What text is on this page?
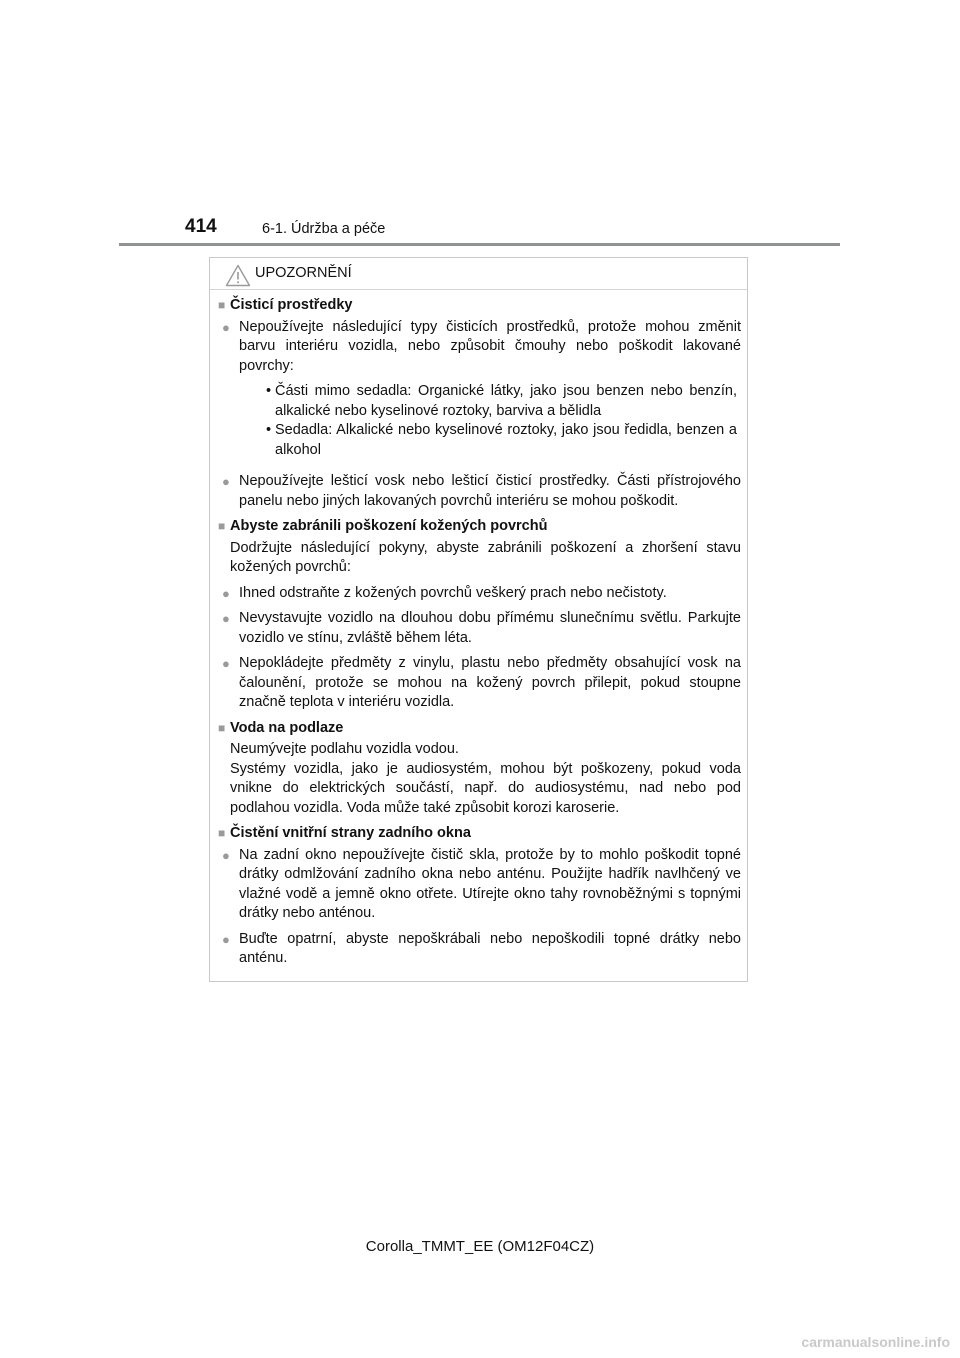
414	6-1. Údržba a péče
UPOZORNĚNÍ
■ Čisticí prostředky
● Nepoužívejte následující typy čisticích prostředků, protože mohou změnit barvu interiéru vozidla, nebo způsobit čmouhy nebo poškodit lakované povrchy:
• Části mimo sedadla: Organické látky, jako jsou benzen nebo benzín, alkalické nebo kyselinové roztoky, barviva a bělidla
• Sedadla: Alkalické nebo kyselinové roztoky, jako jsou ředidla, benzen a alkohol
● Nepoužívejte lešticí vosk nebo lešticí čisticí prostředky. Části přístrojového panelu nebo jiných lakovaných povrchů interiéru se mohou poškodit.
■ Abyste zabránili poškození kožených povrchů
Dodržujte následující pokyny, abyste zabránili poškození a zhoršení stavu kožených povrchů:
● Ihned odstraňte z kožených povrchů veškerý prach nebo nečistoty.
● Nevystavujte vozidlo na dlouhou dobu přímému slunečnímu světlu. Parkujte vozidlo ve stínu, zvláště během léta.
● Nepokládejte předměty z vinylu, plastu nebo předměty obsahující vosk na čalounění, protože se mohou na kožený povrch přilepit, pokud stoupne značně teplota v interiéru vozidla.
■ Voda na podlaze
Neumývejte podlahu vozidla vodou.
Systémy vozidla, jako je audiosystém, mohou být poškozeny, pokud voda vnikne do elektrických součástí, např. do audiosystému, nad nebo pod podlahou vozidla. Voda může také způsobit korozi karoserie.
■ Čistění vnitřní strany zadního okna
● Na zadní okno nepoužívejte čistič skla, protože by to mohlo poškodit topné drátky odmlžování zadního okna nebo anténu. Použijte hadřík navlhčený ve vlažné vodě a jemně okno otřete. Utírejte okno tahy rovnoběžnými s topnými drátky nebo anténou.
● Buďte opatrní, abyste nepoškrábali nebo nepoškodili topné drátky nebo anténu.
Corolla_TMMT_EE (OM12F04CZ)
carmanualsonline.info
